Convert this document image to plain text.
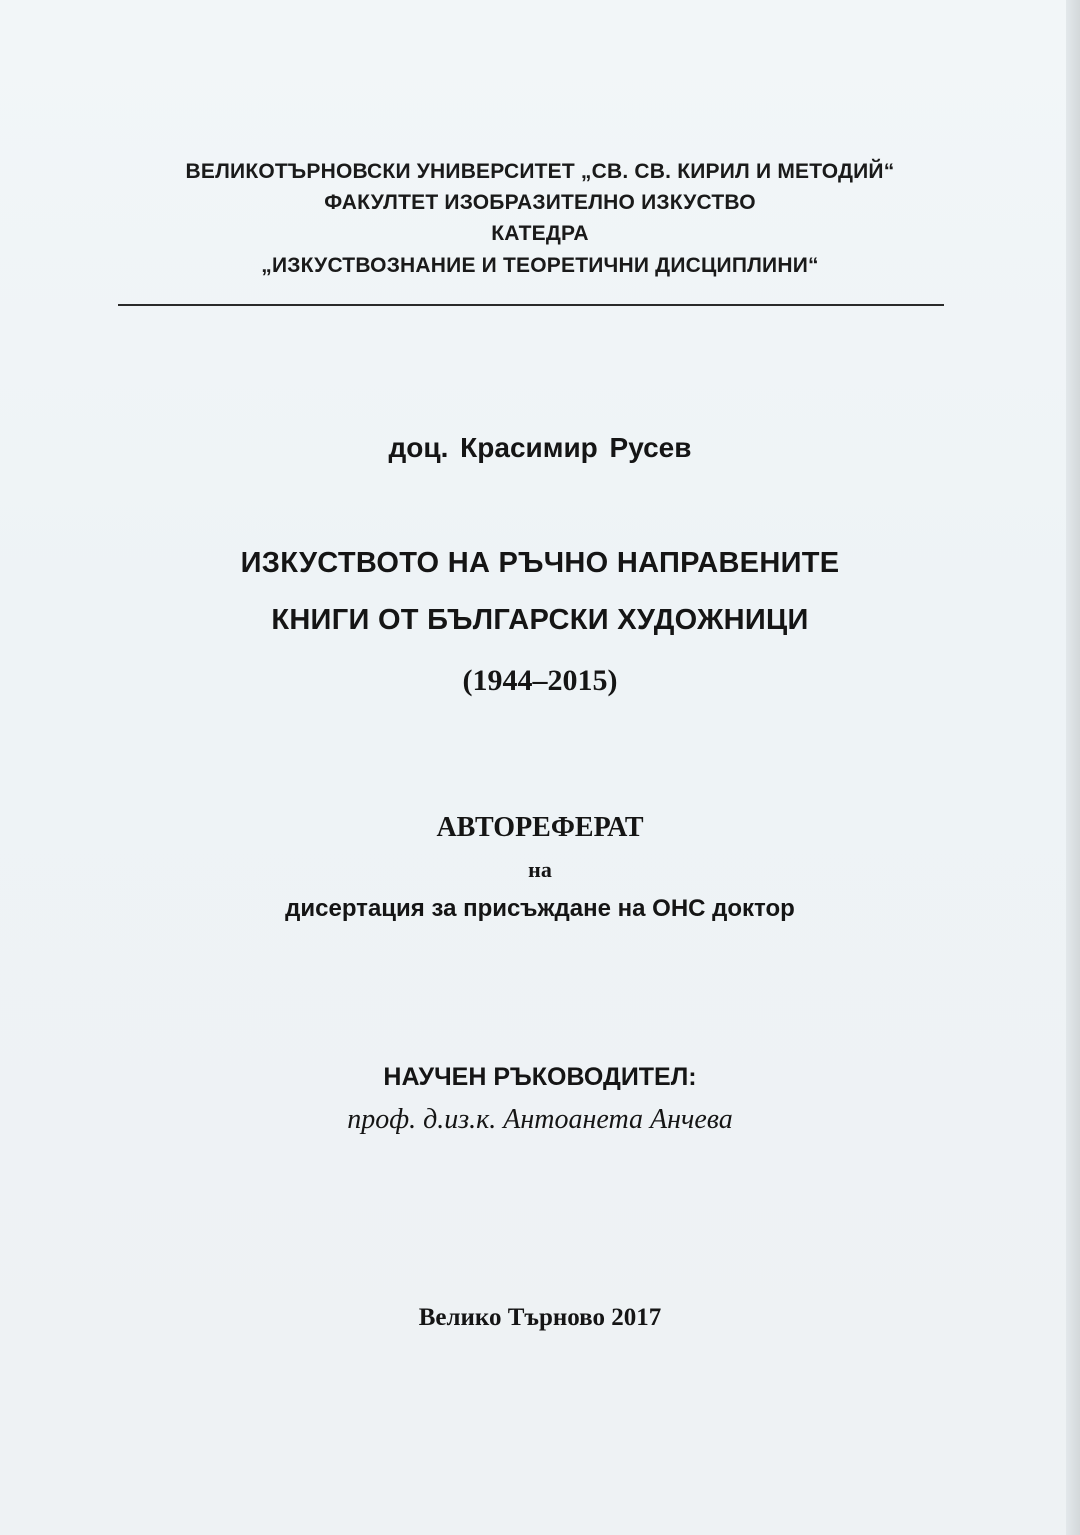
ВЕЛИКОТЪРНОВСКИ УНИВЕРСИТЕТ „СВ. СВ. КИРИЛ И МЕТОДИЙ“
ФАКУЛТЕТ ИЗОБРАЗИТЕЛНО ИЗКУСТВО
КАТЕДРА
„ИЗКУСТВОЗНАНИЕ И ТЕОРЕТИЧНИ ДИСЦИПЛИНИ“
доц. Красимир Русев
ИЗКУСТВОТО НА РЪЧНО НАПРАВЕНИТЕ
КНИГИ ОТ БЪЛГАРСКИ ХУДОЖНИЦИ
(1944–2015)
АВТОРЕФЕРАТ
на
дисертация за присъждане на ОНС доктор
НАУЧЕН РЪКОВОДИТЕЛ:
проф. д.из.к. Антоанета Анчева
Велико Търново 2017
